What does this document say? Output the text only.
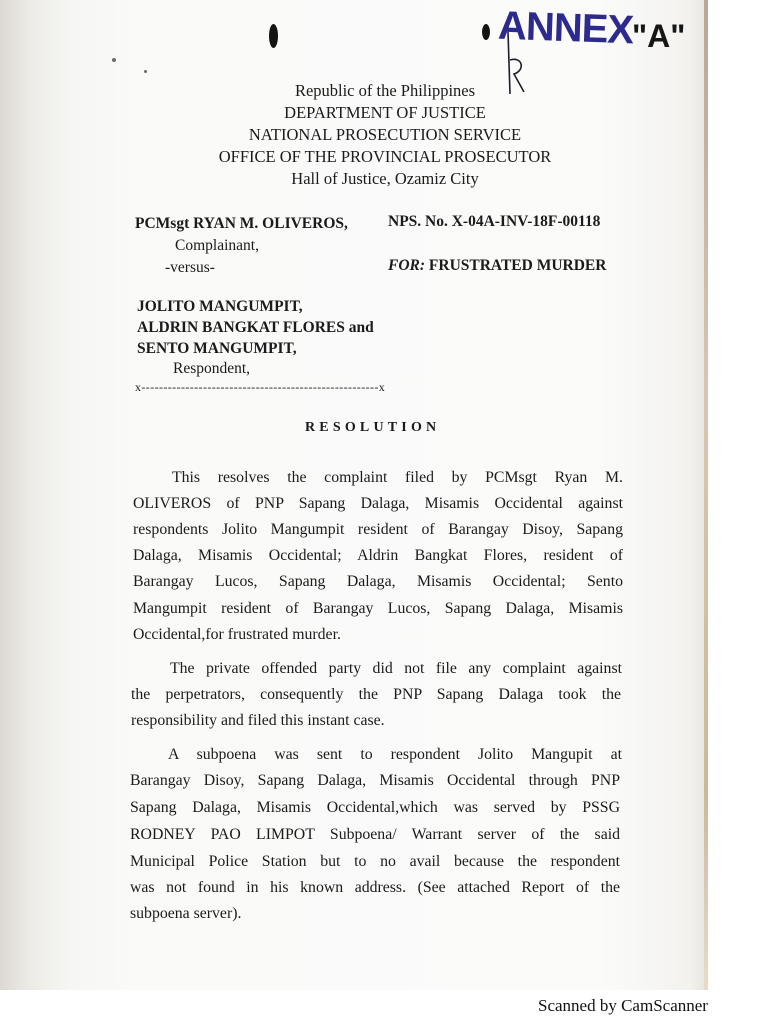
ANNEX
"A"
Republic of the Philippines
DEPARTMENT OF JUSTICE
NATIONAL PROSECUTION SERVICE
OFFICE OF THE PROVINCIAL PROSECUTOR
Hall of Justice, Ozamiz City
PCMsgt RYAN M. OLIVEROS,
Complainant,
-versus-
NPS. No. X-04A-INV-18F-00118
FOR: FRUSTRATED MURDER
JOLITO MANGUMPIT,
ALDRIN BANGKAT FLORES and
SENTO MANGUMPIT,
Respondent,
x------------------------------------------------------x
RESOLUTION
This resolves the complaint filed by PCMsgt Ryan M.
OLIVEROS of PNP Sapang Dalaga, Misamis Occidental against
respondents Jolito Mangumpit resident of Barangay Disoy, Sapang
Dalaga, Misamis Occidental; Aldrin Bangkat Flores, resident of
Barangay Lucos, Sapang Dalaga, Misamis Occidental; Sento
Mangumpit resident of Barangay Lucos, Sapang Dalaga, Misamis
Occidental,for frustrated murder.
The private offended party did not file any complaint against
the perpetrators, consequently the PNP Sapang Dalaga took the
responsibility and filed this instant case.
A subpoena was sent to respondent Jolito Mangupit at
Barangay Disoy, Sapang Dalaga, Misamis Occidental through PNP
Sapang Dalaga, Misamis Occidental,which was served by PSSG
RODNEY PAO LIMPOT Subpoena/ Warrant server of the said
Municipal Police Station but to no avail because the respondent
was not found in his known address. (See attached Report of the
subpoena server).
Scanned by CamScanner
